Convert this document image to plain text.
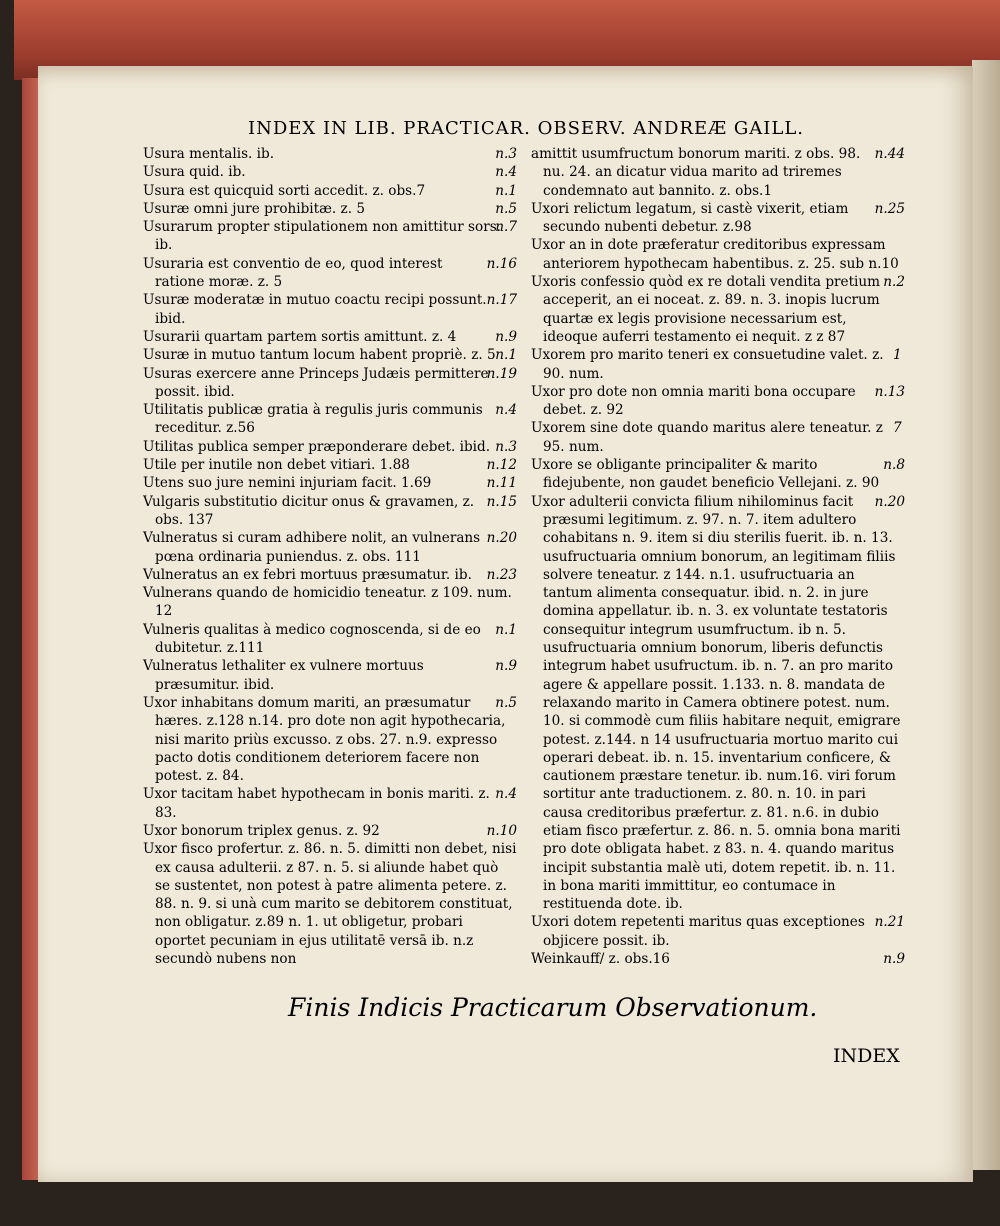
INDEX IN LIB. PRACTICAR. OBSERV. ANDREÆ GAILL.
n.3
Usura mentalis. ib.
n.4
Usura quid. ib.
n.1
Usura est quicquid sorti accedit. z. obs.7
n.5
Usuræ omni jure prohibitæ. z. 5
n.7
Usurarum propter stipulationem non amittitur sors. ib.
n.16
Usuraria est conventio de eo, quod interest ratione moræ. z. 5
n.17
Usuræ moderatæ in mutuo coactu recipi possunt. ibid.
n.9
Usurarii quartam partem sortis amittunt. z. 4
n.1
Usuræ in mutuo tantum locum habent propriè. z. 5
n.19
Usuras exercere anne Princeps Judæis permittere possit. ibid.
n.4
Utilitatis publicæ gratia à regulis juris communis receditur. z.56
n.3
Utilitas publica semper præponderare debet. ibid.
n.12
Utile per inutile non debet vitiari. 1.88
n.11
Utens suo jure nemini injuriam facit. 1.69
n.15
Vulgaris substitutio dicitur onus & gravamen, z. obs. 137
n.20
Vulneratus si curam adhibere nolit, an vulnerans pœna ordinaria puniendus. z. obs. 111
n.23
Vulneratus an ex febri mortuus præsumatur. ib.
Vulnerans quando de homicidio teneatur. z 109. num. 12
n.1
Vulneris qualitas à medico cognoscenda, si de eo dubitetur. z.111
n.9
Vulneratus lethaliter ex vulnere mortuus præsumitur. ibid.
n.5
Uxor inhabitans domum mariti, an præsumatur hæres. z.128 n.14. pro dote non agit hypothecaria, nisi marito priùs excusso. z obs. 27. n.9. expresso pacto dotis conditionem deteriorem facere non potest. z. 84.
n.4
Uxor tacitam habet hypothecam in bonis mariti. z. 83.
n.10
Uxor bonorum triplex genus. z. 92
Uxor fisco profertur. z. 86. n. 5. dimitti non debet, nisi ex causa adulterii. z 87. n. 5. si aliunde habet quò se sustentet, non potest à patre alimenta petere. z. 88. n. 9. si unà cum marito se debitorem constituat, non obligatur. z.89 n. 1. ut obligetur, probari oportet pecuniam in ejus utilitatē versā ib. n.z secundò nubens non
n.44
amittit usumfructum bonorum mariti. z obs. 98. nu. 24. an dicatur vidua marito ad triremes condemnato aut bannito. z. obs.1
n.25
Uxori relictum legatum, si castè vixerit, etiam secundo nubenti debetur. z.98
Uxor an in dote præferatur creditoribus expressam anteriorem hypothecam habentibus. z. 25. sub n.10
n.2
Uxoris confessio quòd ex re dotali vendita pretium acceperit, an ei noceat. z. 89. n. 3. inopis lucrum quartæ ex legis provisione necessarium est, ideoque auferri testamento ei nequit. z z 87
1
Uxorem pro marito teneri ex consuetudine valet. z. 90. num.
n.13
Uxor pro dote non omnia mariti bona occupare debet. z. 92
7
Uxorem sine dote quando maritus alere teneatur. z 95. num.
n.8
Uxore se obligante principaliter & marito fidejubente, non gaudet beneficio Vellejani. z. 90
n.20
Uxor adulterii convicta filium nihilominus facit præsumi legitimum. z. 97. n. 7. item adultero cohabitans n. 9. item si diu sterilis fuerit. ib. n. 13. usufructuaria omnium bonorum, an legitimam filiis solvere teneatur. z 144. n.1. usufructuaria an tantum alimenta consequatur. ibid. n. 2. in jure domina appellatur. ib. n. 3. ex voluntate testatoris consequitur integrum usumfructum. ib n. 5. usufructuaria omnium bonorum, liberis defunctis integrum habet usufructum. ib. n. 7. an pro marito agere & appellare possit. 1.133. n. 8. mandata de relaxando marito in Camera obtinere potest. num. 10. si commodè cum filiis habitare nequit, emigrare potest. z.144. n 14 usufructuaria mortuo marito cui operari debeat. ib. n. 15. inventarium conficere, & cautionem præstare tenetur. ib. num.16. viri forum sortitur ante traductionem. z. 80. n. 10. in pari causa creditoribus præfertur. z. 81. n.6. in dubio etiam fisco præfertur. z. 86. n. 5. omnia bona mariti pro dote obligata habet. z 83. n. 4. quando maritus incipit substantia malè uti, dotem repetit. ib. n. 11. in bona mariti immittitur, eo contumace in restituenda dote. ib.
n.21
Uxori dotem repetenti maritus quas exceptiones objicere possit. ib.
n.9
Weinkauff/ z. obs.16
Finis Indicis Practicarum Observationum.
INDEX
